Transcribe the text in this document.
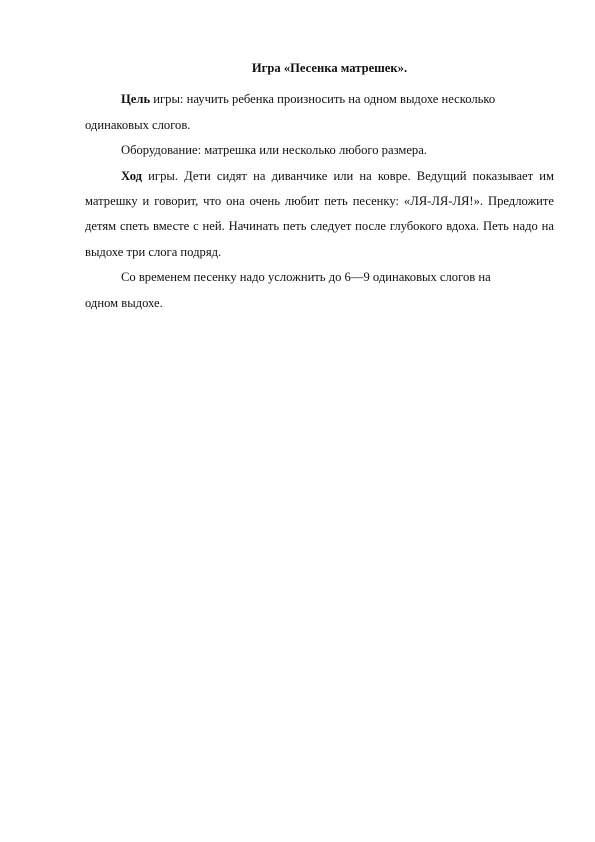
Игра «Песенка матрешек».

Цель игры: научить ребенка произносить на одном выдохе несколько

одинаковых слогов.

Оборудование: матрешка или несколько любого размера.

Ход игры. Дети сидят на диванчике или на ковре. Ведущий показывает им матрешку и говорит, что она очень любит петь песенку: «ЛЯ-ЛЯ-ЛЯ!». Предложите детям спеть вместе с ней. Начинать петь следует после глубокого вдоха. Петь надо на выдохе три слога подряд.

Со временем песенку надо усложнить до 6—9 одинаковых слогов на

одном выдохе.
